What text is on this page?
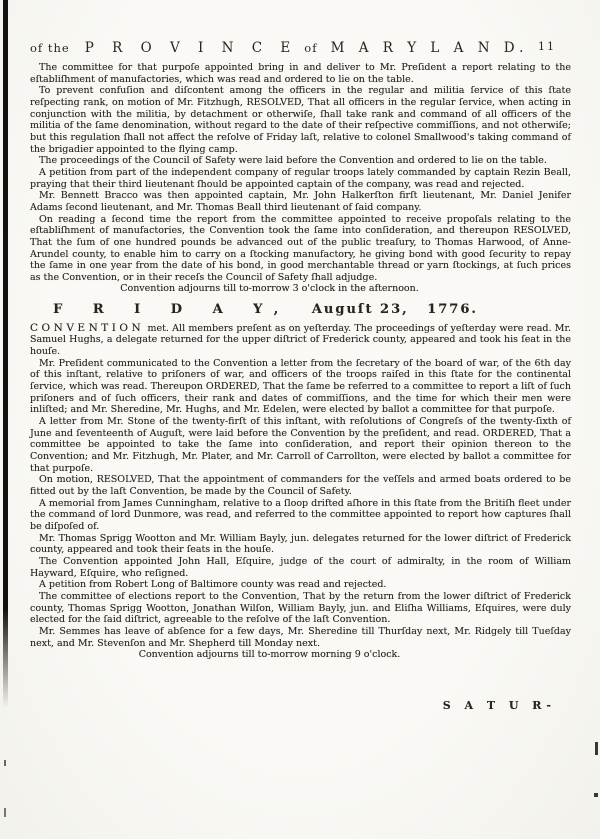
of the P R O V I N C E of M A R Y L A N D. 11

The committee for that purpoſe appointed bring in and deliver to Mr. Preſident a report relating to the eſtabliſhment of manufactories, which was read and ordered to lie on the table.

To prevent confuſion and diſcontent among the officers in the regular and militia ſervice of this ſtate reſpecting rank, on motion of Mr. Fitzhugh, RESOLVED, That all officers in the regular ſervice, when acting in conjunction with the militia, by detachment or otherwiſe, ſhall take rank and command of all officers of the militia of the ſame denomination, without regard to the date of their reſpective commiſſions, and not otherwiſe; but this regulation ſhall not affect the reſolve of Friday laſt, relative to colonel Smallwood's taking command of the brigadier appointed to the flying camp.

The proceedings of the Council of Safety were laid before the Convention and ordered to lie on the table.

A petition from part of the independent company of regular troops lately commanded by captain Rezin Beall, praying that their third lieutenant ſhould be appointed captain of the company, was read and rejected.

Mr. Bennett Bracco was then appointed captain, Mr. John Halkerſton firſt lieutenant, Mr. Daniel Jenifer Adams ſecond lieutenant, and Mr. Thomas Beall third lieutenant of ſaid company.

On reading a ſecond time the report from the committee appointed to receive propoſals relating to the eſtabliſhment of manufactories, the Convention took the ſame into conſideration, and thereupon RESOLVED, That the ſum of one hundred pounds be advanced out of the public treaſury, to Thomas Harwood, of Anne-Arundel county, to enable him to carry on a ſtocking manufactory, he giving bond with good ſecurity to repay the ſame in one year from the date of his bond, in good merchantable thread or yarn ſtockings, at ſuch prices as the Convention, or in their receſs the Council of Safety ſhall adjudge.

Convention adjourns till to-morrow 3 o'clock in the afternoon.

F R I D A Y, Auguſt 23, 1776.

CONVENTION met. All members preſent as on yeſterday. The proceedings of yeſterday were read. Mr. Samuel Hughs, a delegate returned for the upper diſtrict of Frederick county, appeared and took his ſeat in the houſe.

Mr. Preſident communicated to the Convention a letter from the ſecretary of the board of war, of the 6th day of this inſtant, relative to priſoners of war, and officers of the troops raiſed in this ſtate for the continental ſervice, which was read. Thereupon ORDERED, That the ſame be referred to a committee to report a liſt of ſuch priſoners and of ſuch officers, their rank and dates of commiſſions, and the time for which their men were inliſted; and Mr. Sheredine, Mr. Hughs, and Mr. Edelen, were elected by ballot a committee for that purpoſe.

A letter from Mr. Stone of the twenty-firſt of this inſtant, with reſolutions of Congreſs of the twenty-ſixth of June and ſeventeenth of Auguſt, were laid before the Convention by the preſident, and read. ORDERED, That a committee be appointed to take the ſame into conſideration, and report their opinion thereon to the Convention; and Mr. Fitzhugh, Mr. Plater, and Mr. Carroll of Carrollton, were elected by ballot a committee for that purpoſe.

On motion, RESOLVED, That the appointment of commanders for the veſſels and armed boats ordered to be fitted out by the laſt Convention, be made by the Council of Safety.

A memorial from James Cunningham, relative to a ſloop drifted aſhore in this ſtate from the Britiſh fleet under the command of lord Dunmore, was read, and referred to the committee appointed to report how captures ſhall be diſpoſed of.

Mr. Thomas Sprigg Wootton and Mr. William Bayly, jun. delegates returned for the lower diſtrict of Frederick county, appeared and took their ſeats in the houſe.

The Convention appointed John Hall, Eſquire, judge of the court of admiralty, in the room of William Hayward, Eſquire, who reſigned.

A petition from Robert Long of Baltimore county was read and rejected.

The committee of elections report to the Convention, That by the return from the lower diſtrict of Frederick county, Thomas Sprigg Wootton, Jonathan Wilſon, William Bayly, jun. and Eliſha Williams, Eſquires, were duly elected for the ſaid diſtrict, agreeable to the reſolve of the laſt Convention.

Mr. Semmes has leave of abſence for a few days, Mr. Sheredine till Thurſday next, Mr. Ridgely till Tueſday next, and Mr. Stevenſon and Mr. Shepherd till Monday next.

Convention adjourns till to-morrow morning 9 o'clock.

S A T U R-
